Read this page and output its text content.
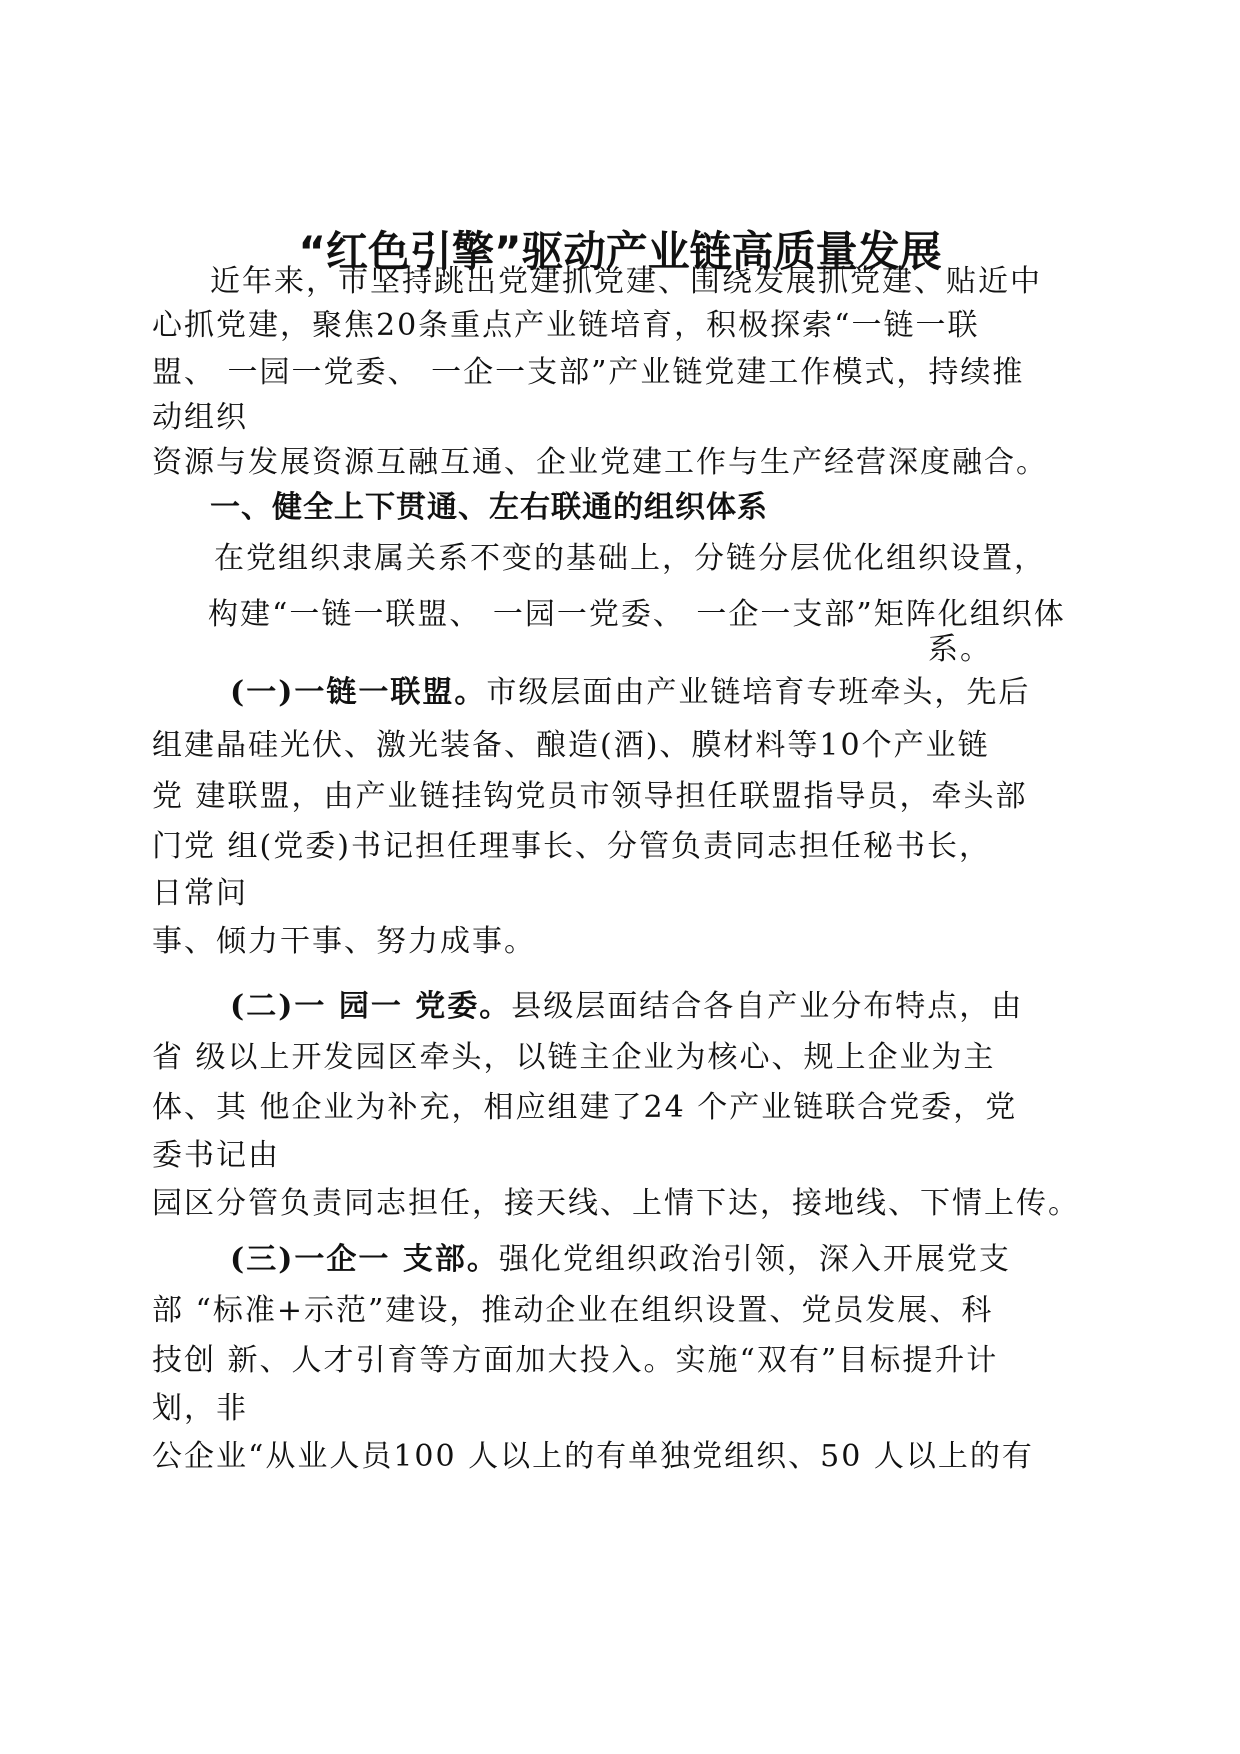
“红色引擎”驱动产业链高质量发展
近年来，市坚持跳出党建抓党建、围绕发展抓党建、贴近中
心抓党建，聚焦20条重点产业链培育，积极探索“一链一联
盟、 一园一党委、 一企一支部”产业链党建工作模式，持续推
动组织
资源与发展资源互融互通、企业党建工作与生产经营深度融合。
一、健全上下贯通、左右联通的组织体系
在党组织隶属关系不变的基础上，分链分层优化组织设置，
构建“一链一联盟、 一园一党委、 一企一支部”矩阵化组织体
系。
(一)一链一联盟。市级层面由产业链培育专班牵头，先后
组建晶硅光伏、激光装备、酿造(酒)、膜材料等10个产业链
党 建联盟，由产业链挂钩党员市领导担任联盟指导员，牵头部
门党 组(党委)书记担任理事长、分管负责同志担任秘书长，
日常问
事、倾力干事、努力成事。
(二)一 园一 党委。县级层面结合各自产业分布特点，由
省 级以上开发园区牵头，以链主企业为核心、规上企业为主
体、其 他企业为补充，相应组建了24 个产业链联合党委，党
委书记由
园区分管负责同志担任，接天线、上情下达，接地线、下情上传。
(三)一企一 支部。强化党组织政治引领，深入开展党支
部 “标准+示范”建设，推动企业在组织设置、党员发展、科
技创 新、人才引育等方面加大投入。实施“双有”目标提升计
划，非
公企业“从业人员100 人以上的有单独党组织、50 人以上的有
